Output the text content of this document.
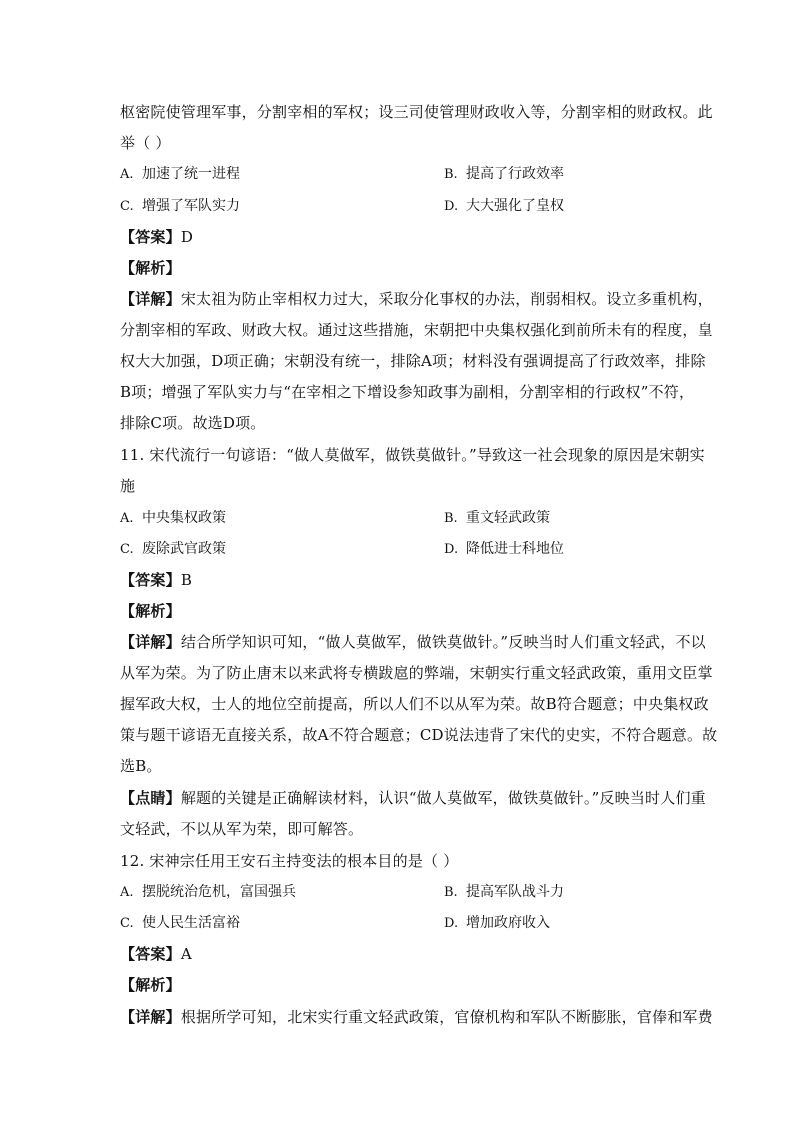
枢密院使管理军事，分割宰相的军权；设三司使管理财政收入等，分割宰相的财政权。此
举（ ）
A. 加速了统一进程	B. 提高了行政效率
C. 增强了军队实力	D. 大大强化了皇权
【答案】D
【解析】
【详解】宋太祖为防止宰相权力过大，采取分化事权的办法，削弱相权。设立多重机构，
分割宰相的军政、财政大权。通过这些措施，宋朝把中央集权强化到前所未有的程度，皇
权大大加强，D项正确；宋朝没有统一，排除A项；材料没有强调提高了行政效率，排除
B项；增强了军队实力与“在宰相之下增设参知政事为副相，分割宰相的行政权”不符，
排除C项。故选D项。
11. 宋代流行一句谚语：“做人莫做军，做铁莫做针。”导致这一社会现象的原因是宋朝实
施
A. 中央集权政策	B. 重文轻武政策
C. 废除武官政策	D. 降低进士科地位
【答案】B
【解析】
【详解】结合所学知识可知，“做人莫做军，做铁莫做针。”反映当时人们重文轻武，不以
从军为荣。为了防止唐末以来武将专横跋扈的弊端，宋朝实行重文轻武政策，重用文臣掌
握军政大权，士人的地位空前提高，所以人们不以从军为荣。故B符合题意；中央集权政
策与题干谚语无直接关系，故A不符合题意；CD说法违背了宋代的史实，不符合题意。故
选B。
【点睛】解题的关键是正确解读材料，认识“做人莫做军，做铁莫做针。”反映当时人们重
文轻武，不以从军为荣，即可解答。
12. 宋神宗任用王安石主持变法的根本目的是（ ）
A. 摆脱统治危机，富国强兵	B. 提高军队战斗力
C. 使人民生活富裕	D. 增加政府收入
【答案】A
【解析】
【详解】根据所学可知，北宋实行重文轻武政策，官僚机构和军队不断膨胀，官俸和军费
